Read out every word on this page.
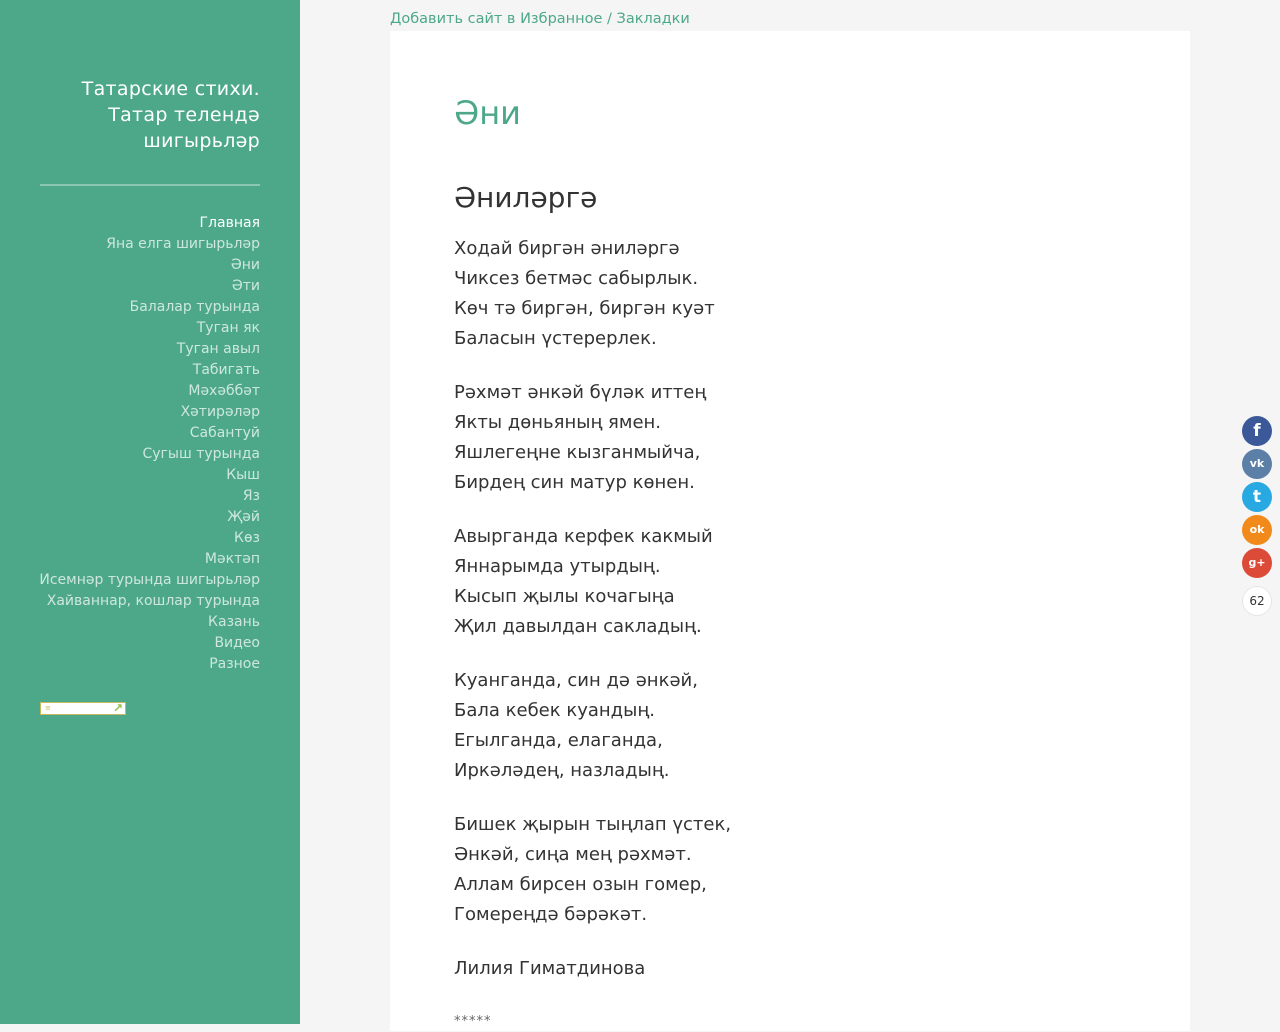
Татарские стихи. Татар телендә шигырьләр
Главная
Яна елга шигырьләр
Әни
Әти
Балалар турында
Туган як
Туган авыл
Табигать
Мәхәббәт
Хәтирәләр
Сабантуй
Сугыш турында
Кыш
Яз
Җәй
Көз
Мәктәп
Исемнәр турында шигырьләр
Хайваннар, кошлар турында
Казань
Видео
Разное
≡	↗
Добавить сайт в Избранное / Закладки
Әни
Әниләргә
Ходай биргән әниләргә
Чиксез бетмәс сабырлык.
Көч тә биргән, биргән куәт
Баласын үстерерлек.
Рәхмәт әнкәй бүләк иттең
Якты дөньяның ямен.
Яшлегеңне кызганмыйча,
Бирдең син матур көнен.
Авырганда керфек какмый
Яннарымда утырдың.
Кысып җылы кочагыңа
Җил давылдан сакладың.
Куанганда, син дә әнкәй,
Бала кебек куандың.
Егылганда, елаганда,
Иркәләдең, назладың.
Бишек җырын тыңлап үстек,
Әнкәй, сиңа мең рәхмәт.
Аллам бирсен озын гомер,
Гомереңдә бәрәкәт.
Лилия Гиматдинова
*****
f
vk
t
ok
g+
62
